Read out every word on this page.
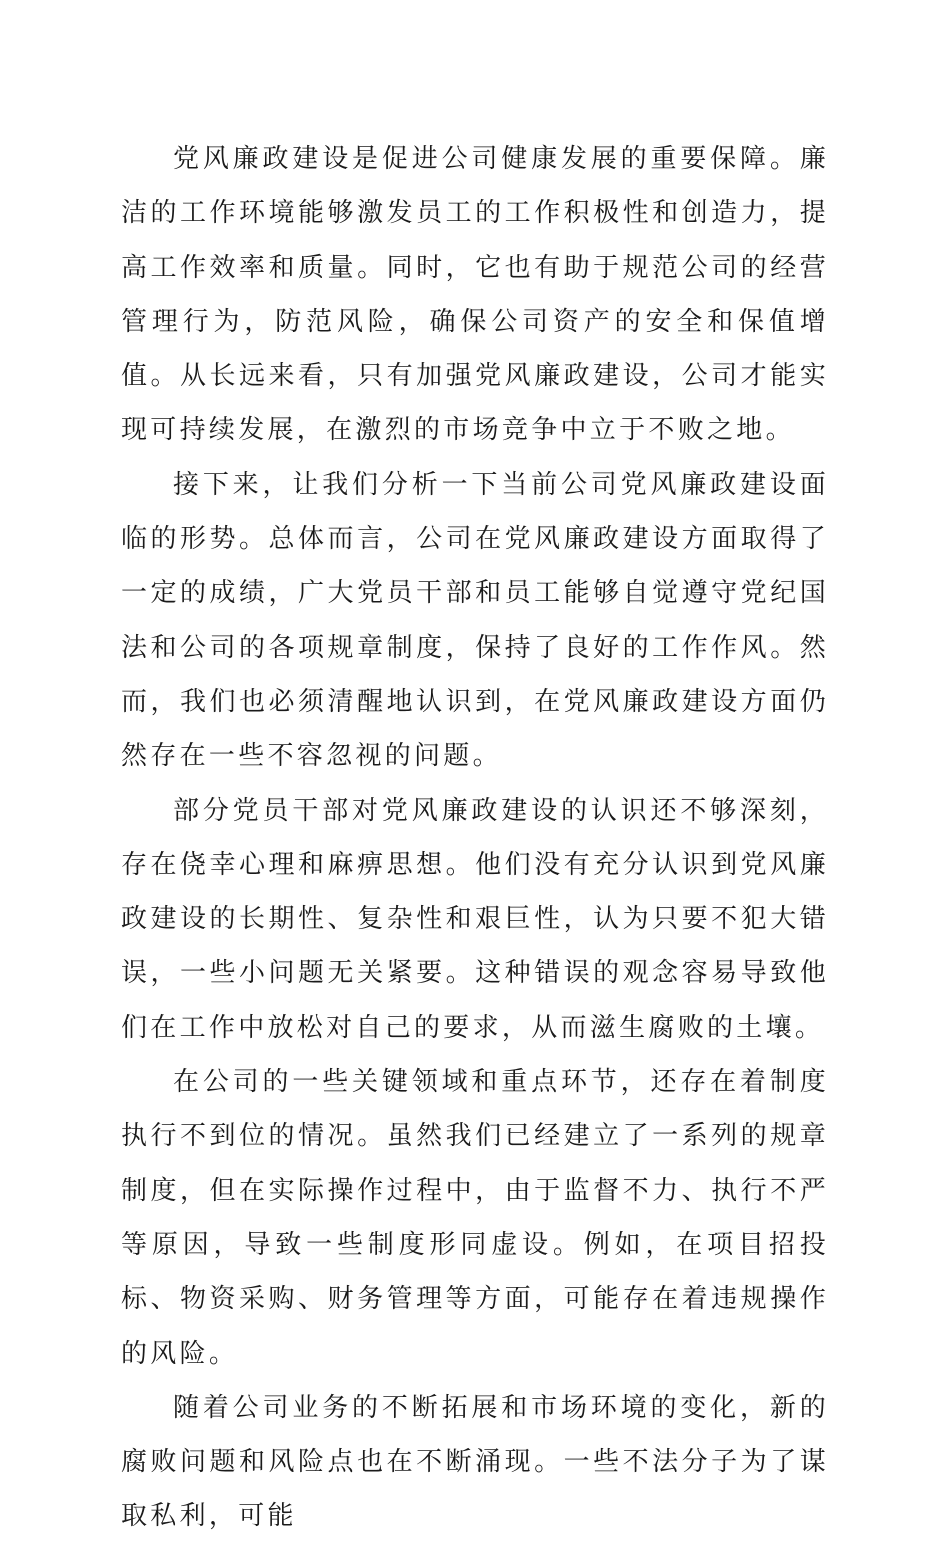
党风廉政建设是促进公司健康发展的重要保障。廉洁的工作环境能够激发员工的工作积极性和创造力，提高工作效率和质量。同时，它也有助于规范公司的经营管理行为，防范风险，确保公司资产的安全和保值增值。从长远来看，只有加强党风廉政建设，公司才能实现可持续发展，在激烈的市场竞争中立于不败之地。

接下来，让我们分析一下当前公司党风廉政建设面临的形势。总体而言，公司在党风廉政建设方面取得了一定的成绩，广大党员干部和员工能够自觉遵守党纪国法和公司的各项规章制度，保持了良好的工作作风。然而，我们也必须清醒地认识到，在党风廉政建设方面仍然存在一些不容忽视的问题。

部分党员干部对党风廉政建设的认识还不够深刻，存在侥幸心理和麻痹思想。他们没有充分认识到党风廉政建设的长期性、复杂性和艰巨性，认为只要不犯大错误，一些小问题无关紧要。这种错误的观念容易导致他们在工作中放松对自己的要求，从而滋生腐败的土壤。

在公司的一些关键领域和重点环节，还存在着制度执行不到位的情况。虽然我们已经建立了一系列的规章制度，但在实际操作过程中，由于监督不力、执行不严等原因，导致一些制度形同虚设。例如，在项目招投标、物资采购、财务管理等方面，可能存在着违规操作的风险。

随着公司业务的不断拓展和市场环境的变化，新的腐败问题和风险点也在不断涌现。一些不法分子为了谋取私利，可能
